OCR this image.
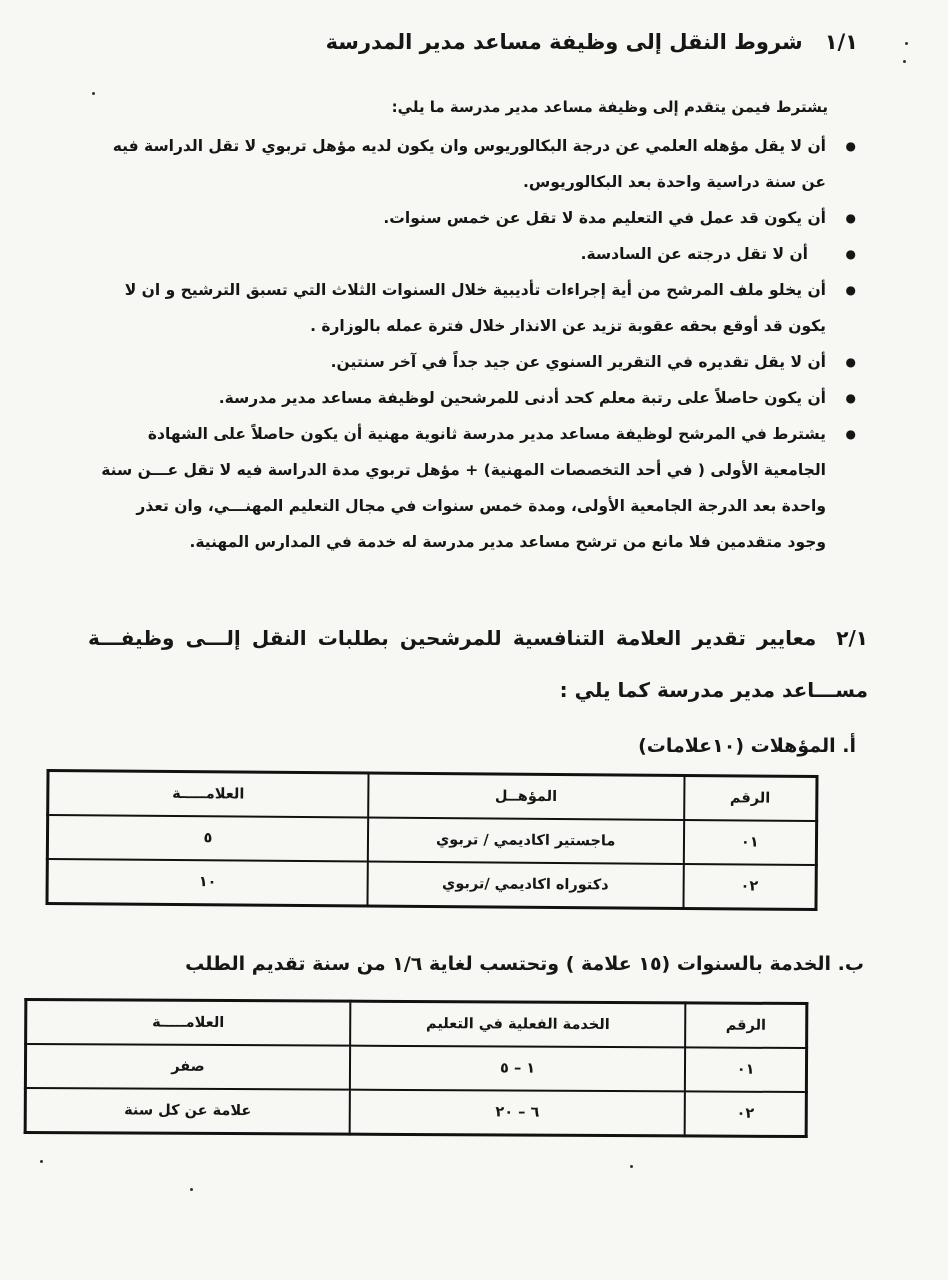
١/١شروط النقل إلى وظيفة مساعد مدير المدرسة
يشترط فيمن يتقدم إلى وظيفة مساعد مدير مدرسة ما يلي:
● أن لا يقل مؤهله العلمي عن درجة البكالوريوس وان يكون لديه مؤهل تربوي لا تقل الدراسة فيه عن سنة دراسية واحدة بعد البكالوريوس.
● أن يكون قد عمل في التعليم مدة لا تقل عن خمس سنوات.
● أن لا تقل درجته عن السادسة.
● أن يخلو ملف المرشح من أية إجراءات تأديبية خلال السنوات الثلاث التي تسبق الترشيح و ان لا يكون قد أوقع بحقه عقوبة تزيد عن الانذار خلال فترة عمله بالوزارة .
● أن لا يقل تقديره في التقرير السنوي عن جيد جداً في آخر سنتين.
● أن يكون حاصلاً على رتبة معلم كحد أدنى للمرشحين لوظيفة مساعد مدير مدرسة.
● يشترط في المرشح لوظيفة مساعد مدير مدرسة ثانوية مهنية أن يكون حاصلاً على الشهادة الجامعية الأولى ( في أحد التخصصات المهنية) + مؤهل تربوي مدة الدراسة فيه لا تقل عـــن سنة واحدة بعد الدرجة الجامعية الأولى، ومدة خمس سنوات في مجال التعليم المهنـــي، وان تعذر وجود متقدمين فلا مانع من ترشح مساعد مدير مدرسة له خدمة في المدارس المهنية.
٢/١معايير تقدير العلامة التنافسية للمرشحين بطلبات النقل إلـــى وظيفـــة مســـاعد مدير مدرسة كما يلي :
أ. المؤهلات (١٠علامات)
الرقم	المؤهــل	العلامـــــة
٠١	ماجستير اكاديمي / تربوي	٥
٠٢	دكتوراه اكاديمي /تربوي	١٠
ب. الخدمة بالسنوات (١٥ علامة ) وتحتسب لغاية ١/٦ من سنة تقديم الطلب
الرقم	الخدمة الفعلية في التعليم	العلامـــــة
٠١	١ – ٥	صفر
٠٢	٦ – ٢٠	علامة عن كل سنة
